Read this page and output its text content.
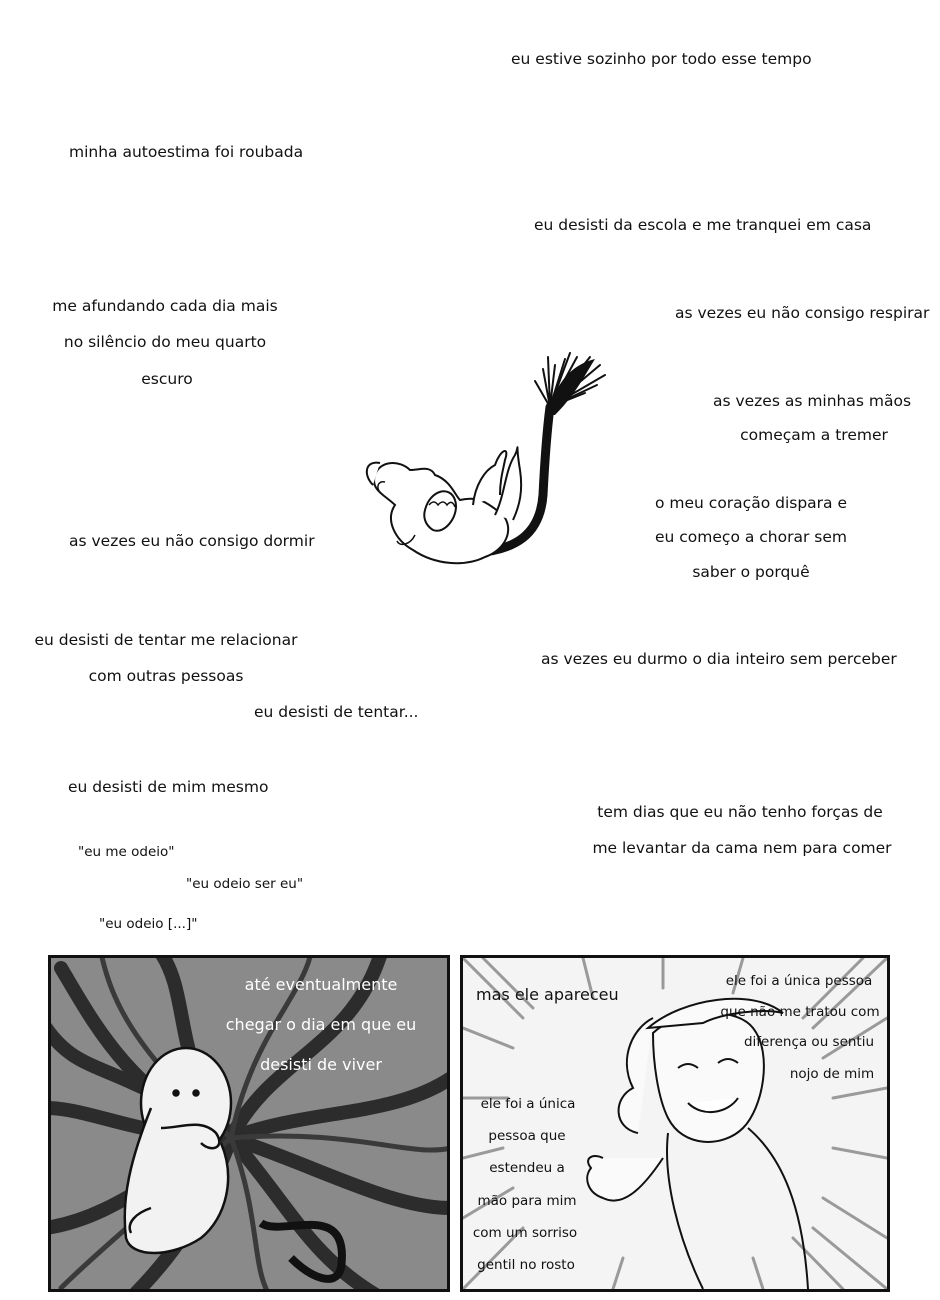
eu estive sozinho por todo esse tempo
minha autoestima foi roubada
eu desisti da escola e me tranquei em casa
me afundando cada dia mais
no silêncio do meu quarto
escuro
as vezes eu não consigo respirar
as vezes as minhas mãos
começam a tremer
o meu coração dispara e
eu começo a chorar sem
saber o porquê
as vezes eu não consigo dormir
eu desisti de tentar me relacionar
com outras pessoas
eu desisti de tentar...
as vezes eu durmo o dia inteiro sem perceber
eu desisti de mim mesmo
tem dias que eu não tenho forças de
me levantar da cama nem para comer
"eu me odeio"
"eu odeio ser eu"
"eu odeio [...]"
até eventualmente
chegar o dia em que eu
desisti de viver
mas ele apareceu
ele foi a única pessoa
que não me tratou com
diferença ou sentiu
nojo de mim
ele foi a única
pessoa que
estendeu a
mão para mim
com um sorriso
gentil no rosto
